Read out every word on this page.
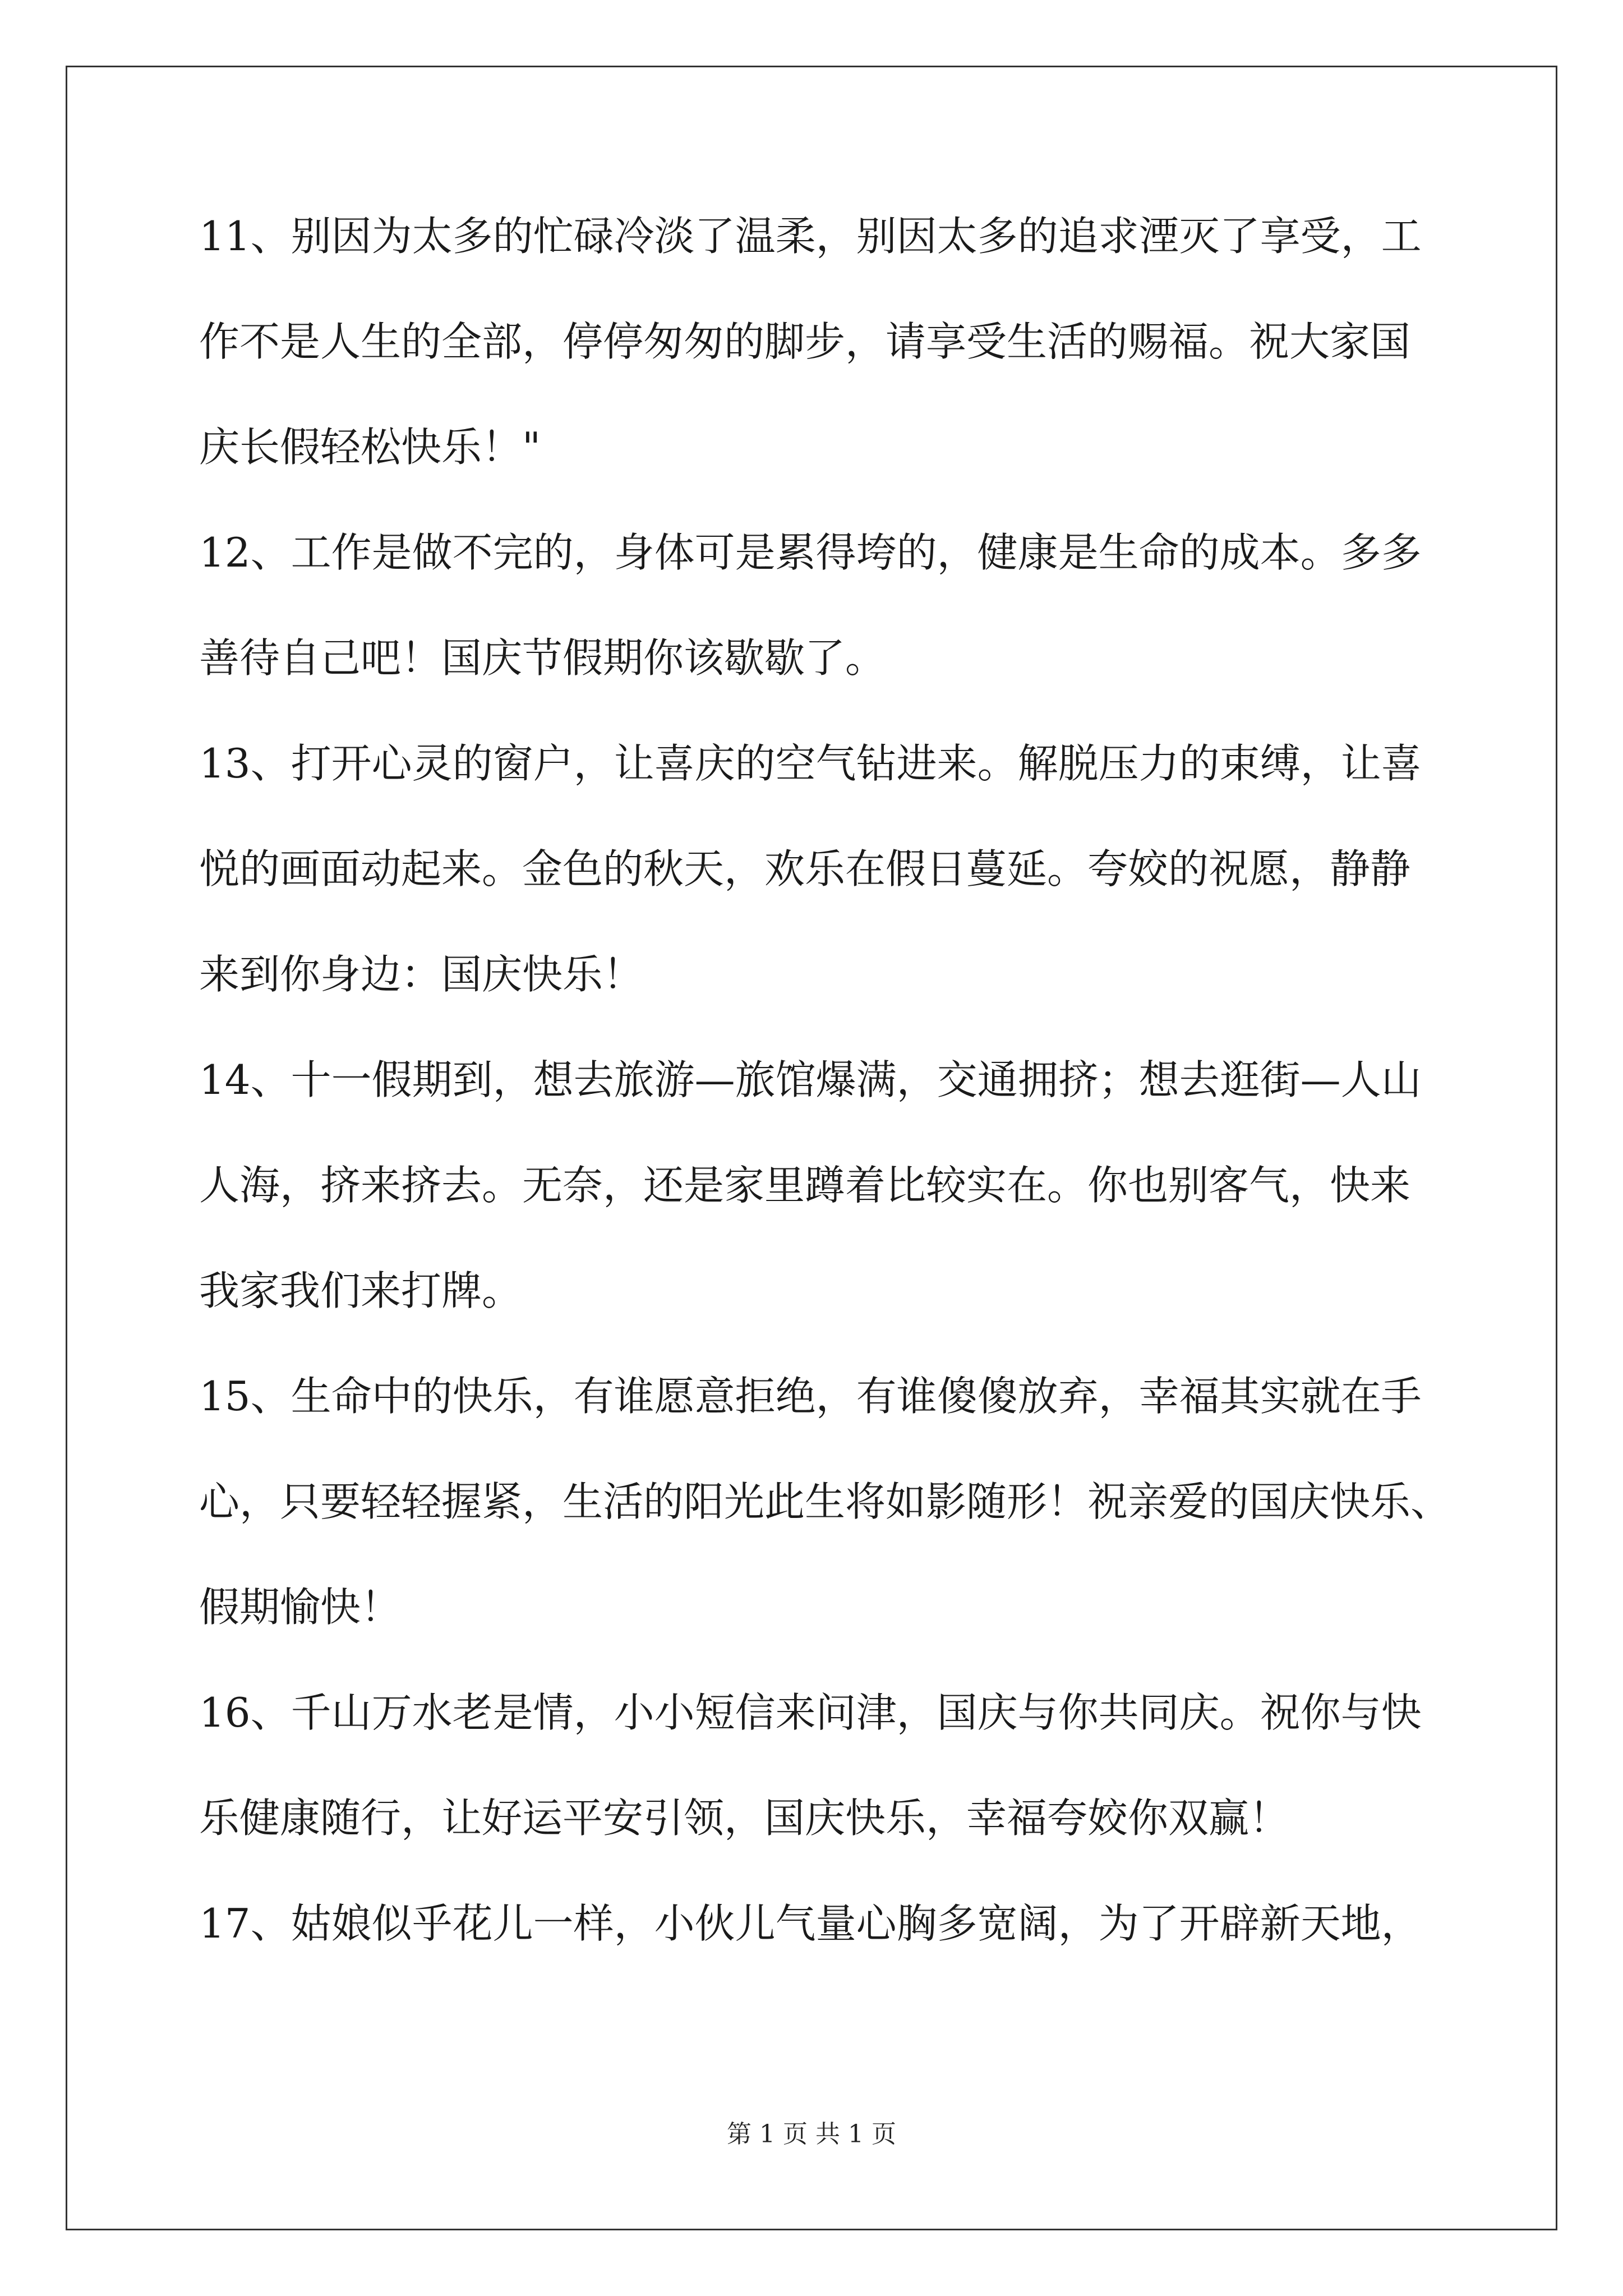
11、别因为太多的忙碌冷淡了温柔，别因太多的追求湮灭了享受，工
作不是人生的全部，停停匆匆的脚步，请享受生活的赐福。祝大家国
庆长假轻松快乐！"
12、工作是做不完的，身体可是累得垮的，健康是生命的成本。多多
善待自己吧！国庆节假期你该歇歇了。
13、打开心灵的窗户，让喜庆的空气钻进来。解脱压力的束缚，让喜
悦的画面动起来。金色的秋天，欢乐在假日蔓延。夸姣的祝愿，静静
来到你身边：国庆快乐！
14、十一假期到，想去旅游—旅馆爆满，交通拥挤；想去逛街—人山
人海，挤来挤去。无奈，还是家里蹲着比较实在。你也别客气，快来
我家我们来打牌。
15、生命中的快乐，有谁愿意拒绝，有谁傻傻放弃，幸福其实就在手
心，只要轻轻握紧，生活的阳光此生将如影随形！祝亲爱的国庆快乐、
假期愉快！
16、千山万水老是情，小小短信来问津，国庆与你共同庆。祝你与快
乐健康随行，让好运平安引领，国庆快乐，幸福夸姣你双赢！
17、姑娘似乎花儿一样，小伙儿气量心胸多宽阔，为了开辟新天地，
第 1 页 共 1 页
